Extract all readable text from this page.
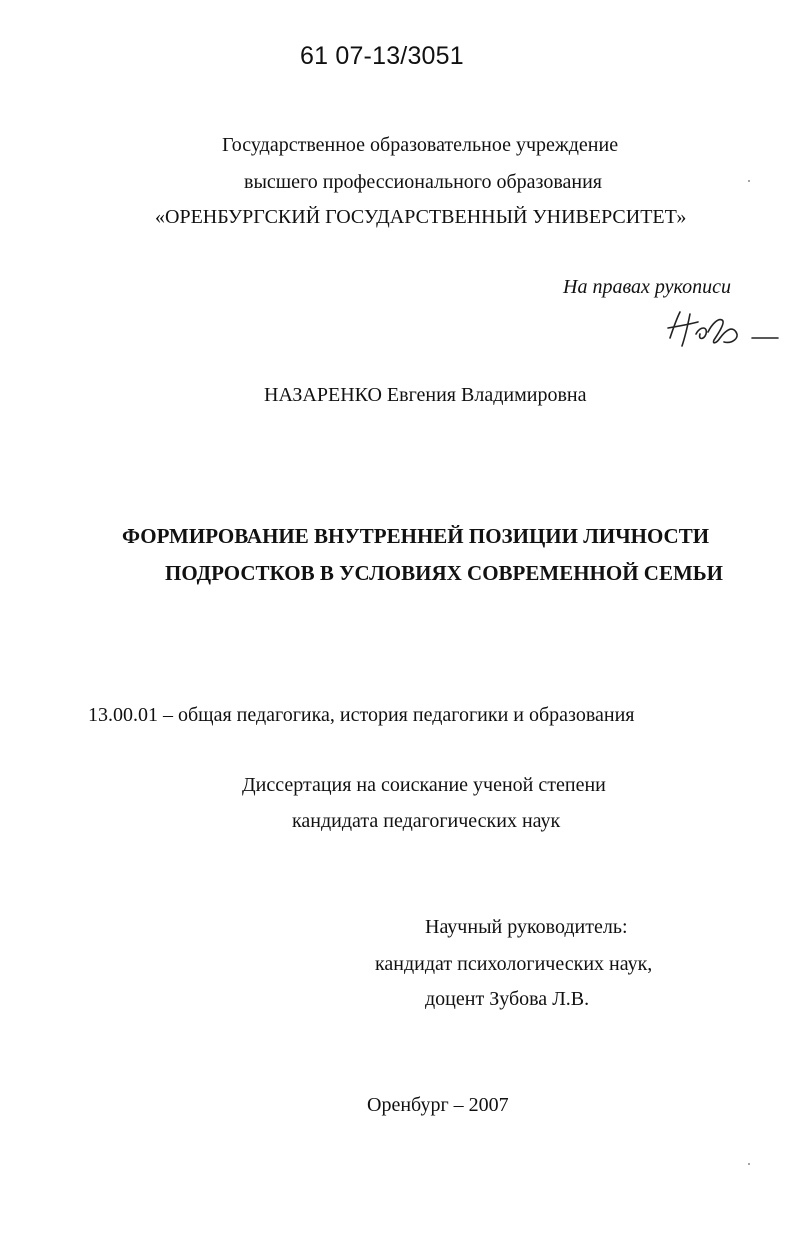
61 07-13/3051
Государственное образовательное учреждение
высшего профессионального образования
«ОРЕНБУРГСКИЙ ГОСУДАРСТВЕННЫЙ УНИВЕРСИТЕТ»
На правах рукописи
НАЗАРЕНКО Евгения Владимировна
ФОРМИРОВАНИЕ ВНУТРЕННЕЙ ПОЗИЦИИ ЛИЧНОСТИ
ПОДРОСТКОВ В УСЛОВИЯХ СОВРЕМЕННОЙ СЕМЬИ
13.00.01 – общая педагогика, история педагогики и образования
Диссертация на соискание ученой степени
кандидата педагогических наук
Научный руководитель:
кандидат психологических наук,
доцент Зубова Л.В.
Оренбург – 2007
